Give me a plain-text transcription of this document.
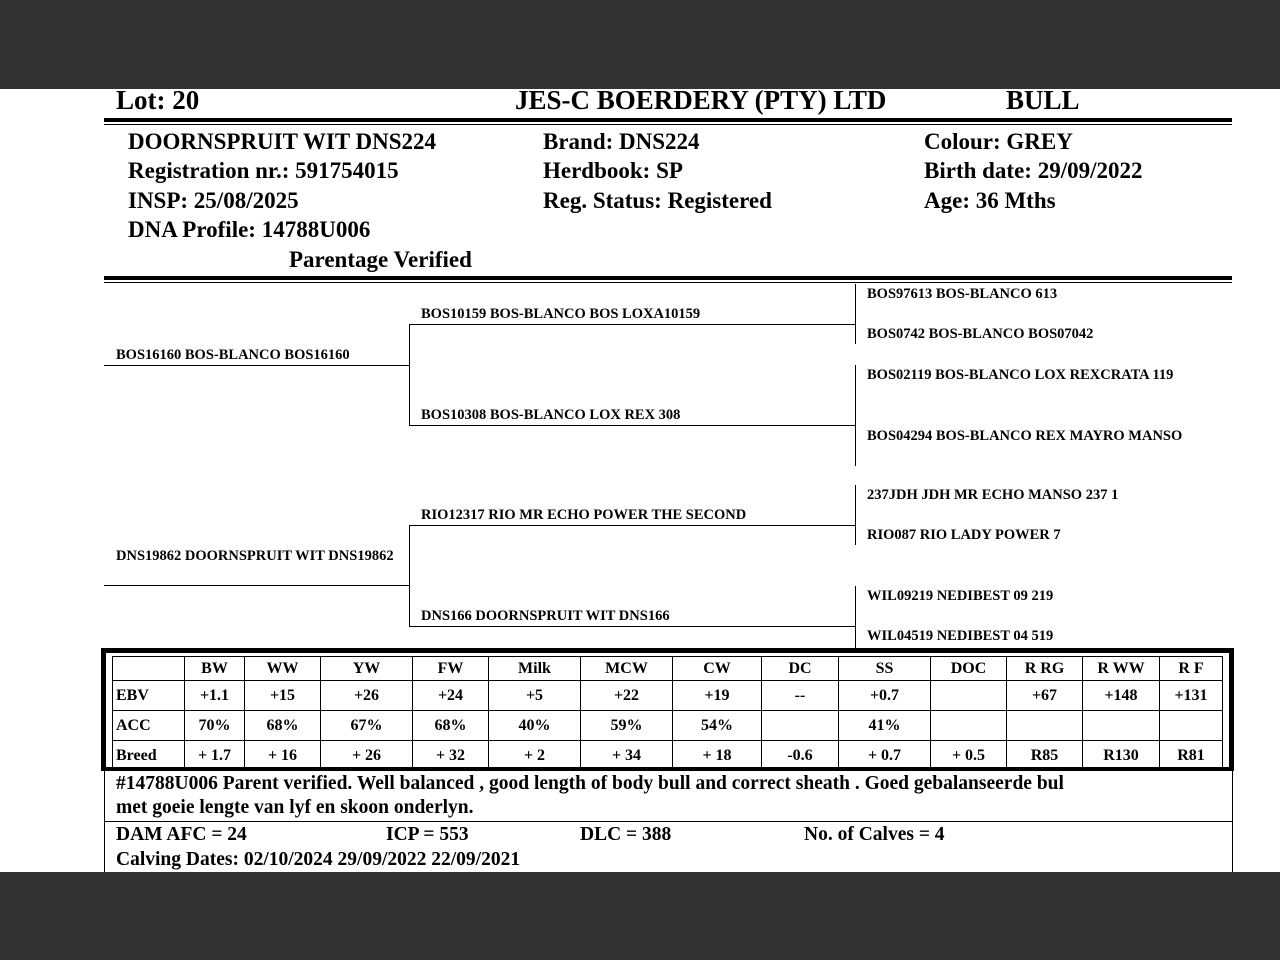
Lot: 20	JES-C BOERDERY (PTY) LTD	BULL
DOORNSPRUIT WIT DNS224
Registration nr.: 591754015
INSP: 25/08/2025
DNA Profile: 14788U006
Parentage Verified
Brand: DNS224
Herdbook: SP
Reg. Status: Registered
Colour: GREY
Birth date: 29/09/2022
Age: 36 Mths
BOS16160 BOS-BLANCO BOS16160
DNS19862 DOORNSPRUIT WIT DNS19862
BOS10159 BOS-BLANCO BOS LOXA10159
BOS10308 BOS-BLANCO LOX REX 308
RIO12317 RIO MR ECHO POWER THE SECOND
DNS166 DOORNSPRUIT WIT DNS166
BOS97613 BOS-BLANCO 613
BOS0742 BOS-BLANCO BOS07042
BOS02119 BOS-BLANCO LOX REXCRATA 119
BOS04294 BOS-BLANCO REX MAYRO MANSO
237JDH JDH MR ECHO MANSO 237 1
RIO087 RIO LADY POWER 7
WIL09219 NEDIBEST 09 219
WIL04519 NEDIBEST 04 519
	BW	WW	YW	FW	Milk	MCW	CW	DC	SS	DOC	R RG	R WW	R F
EBV	+1.1	+15	+26	+24	+5	+22	+19	--	+0.7		+67	+148	+131
ACC	70%	68%	67%	68%	40%	59%	54%		41%				
Breed	+ 1.7	+ 16	+ 26	+ 32	+ 2	+ 34	+ 18	-0.6	+ 0.7	+ 0.5	R85	R130	R81
#14788U006 Parent verified. Well balanced , good length of body bull and correct sheath . Goed gebalanseerde bul
met goeie lengte van lyf en skoon onderlyn.
DAM AFC = 24	ICP = 553	DLC = 388	No. of Calves = 4
Calving Dates: 02/10/2024 29/09/2022 22/09/2021
